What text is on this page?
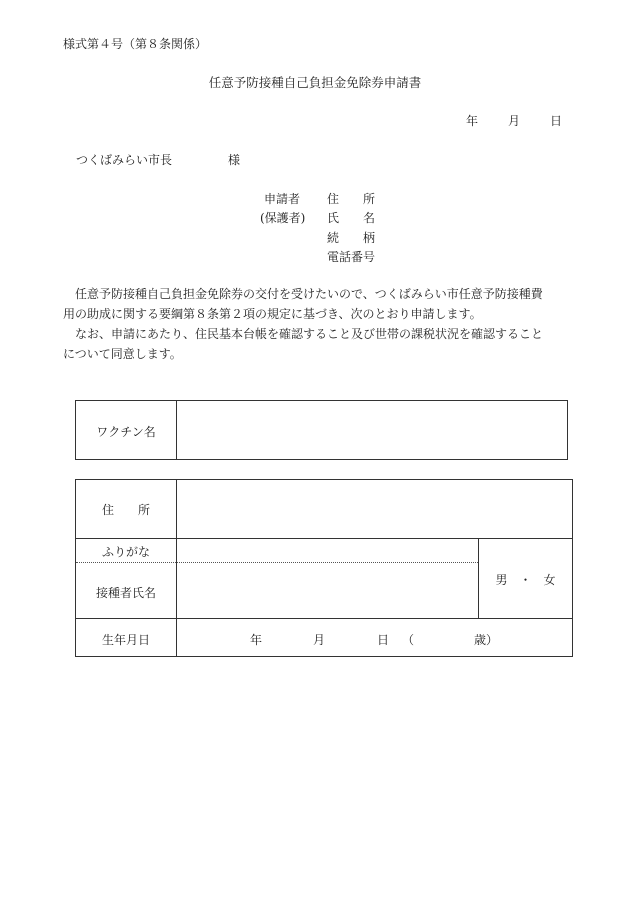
様式第４号（第８条関係）
任意予防接種自己負担金免除券申請書
年	月	日
つくばみらい市長	様
申請者
(保護者)
住　　所
氏　　名
続　　柄
電話番号

任意予防接種自己負担金免除券の交付を受けたいので、つくばみらい市任意予防接種費

用の助成に関する要綱第８条第２項の規定に基づき、次のとおり申請します。

なお、申請にあたり、住民基本台帳を確認すること及び世帯の課税状況を確認すること

について同意します。

ワクチン名
住　　所
ふりがな
接種者氏名
男　・　女
生年月日	年	月	日 （	歳）
